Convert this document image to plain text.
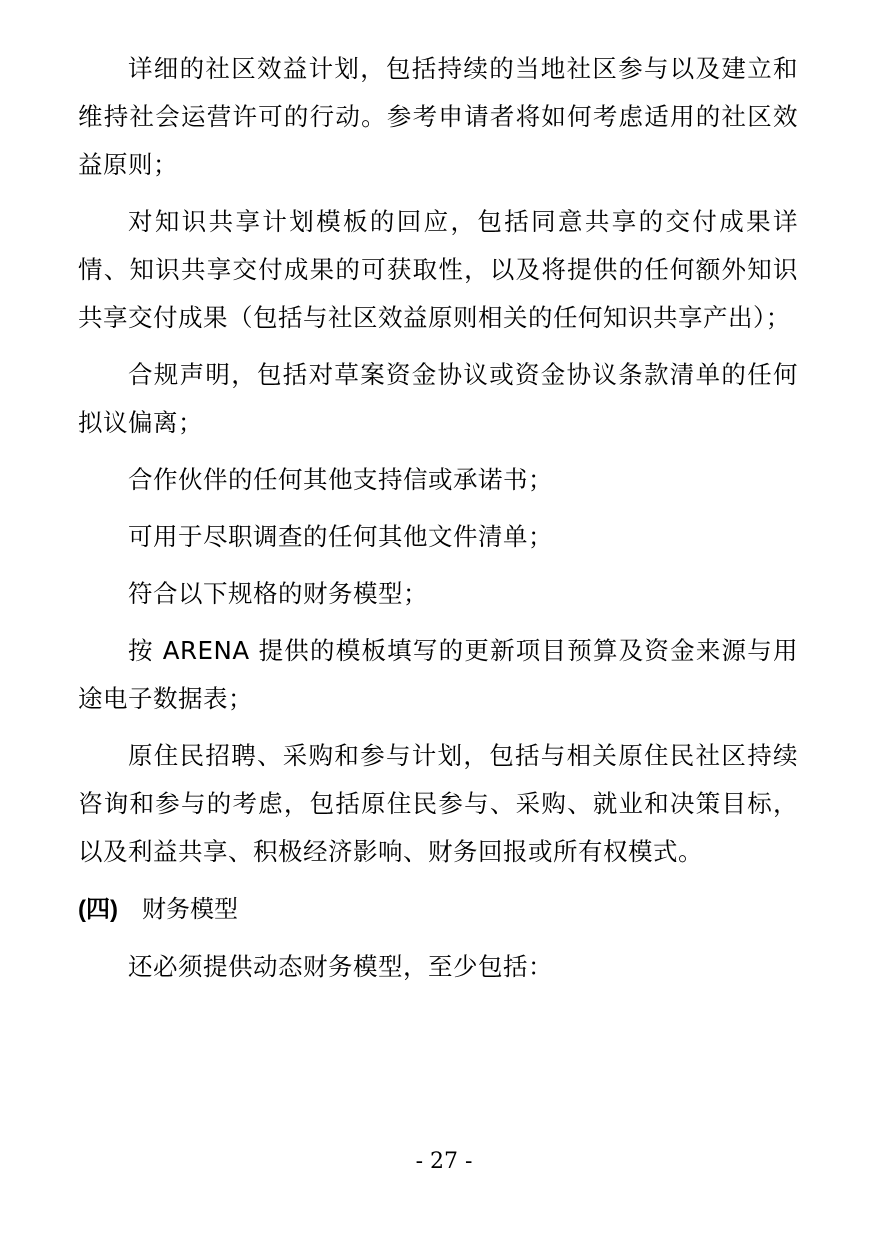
详细的社区效益计划，包括持续的当地社区参与以及建立和维持社会运营许可的行动。参考申请者将如何考虑适用的社区效益原则；

对知识共享计划模板的回应，包括同意共享的交付成果详情、知识共享交付成果的可获取性，以及将提供的任何额外知识共享交付成果（包括与社区效益原则相关的任何知识共享产出）；

合规声明，包括对草案资金协议或资金协议条款清单的任何拟议偏离；

合作伙伴的任何其他支持信或承诺书；

可用于尽职调查的任何其他文件清单；

符合以下规格的财务模型；

按 ARENA 提供的模板填写的更新项目预算及资金来源与用途电子数据表；

原住民招聘、采购和参与计划，包括与相关原住民社区持续咨询和参与的考虑，包括原住民参与、采购、就业和决策目标，以及利益共享、积极经济影响、财务回报或所有权模式。

(四) 财务模型

还必须提供动态财务模型，至少包括：

- 27 -
